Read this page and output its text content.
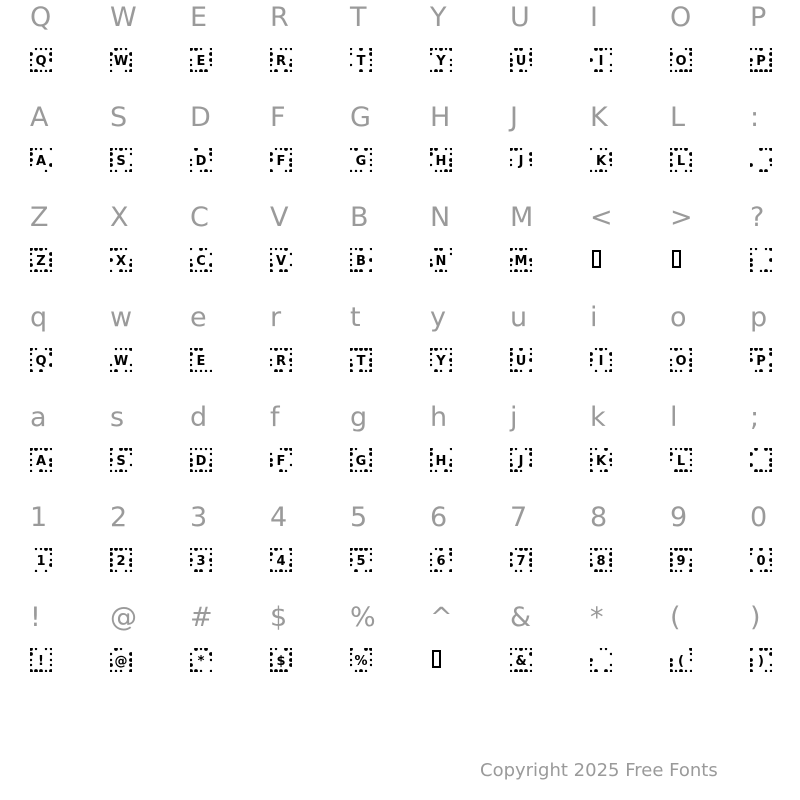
Q
Q
W
W
E
E
R
R
T
T
Y
Y
U
U
I
I
O
O
P
P
A
A
S
S
D
D
F
F
G
G
H
H
J
J
K
K
L
L
:
Z
Z
X
X
C
C
V
V
B
B
N
N
M
M
< > ?
q
Q
w
W
e
E
r
R
t
T
y
Y
u
U
i
I
o
O
p
P
a
A
s
S
d
D
f
F
g
G
h
H
j
J
k
K
l
L
;
1
1
2
2
3
3
4
4
5
5
6
6
7
7
8
8
9
9
0
0
!
!
@
@
#
*
$
$
%
%
^ &
&
* (
(
)
)
Copyright 2025 Free Fonts
